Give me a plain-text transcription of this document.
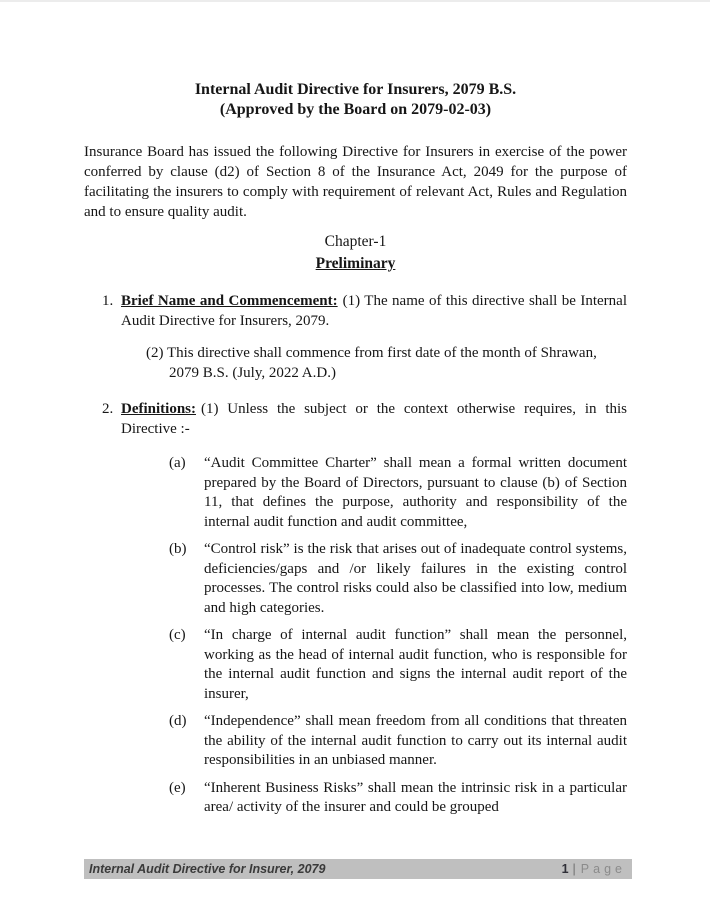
Internal Audit Directive for Insurers, 2079 B.S.
(Approved by the Board on 2079-02-03)

Insurance Board has issued the following Directive for Insurers in exercise of the power conferred by clause (d2) of Section 8 of the Insurance Act, 2049 for the purpose of facilitating the insurers to comply with requirement of relevant Act, Rules and Regulation and to ensure quality audit.

Chapter-1
Preliminary
1. Brief Name and Commencement: (1) The name of this directive shall be Internal Audit Directive for Insurers, 2079.

(2) This directive shall commence from first date of the month of Shrawan, 2079 B.S. (July, 2022 A.D.)

2. Definitions: (1) Unless the subject or the context otherwise requires, in this Directive :-
(a)	“Audit Committee Charter” shall mean a formal written document prepared by the Board of Directors, pursuant to clause (b) of Section 11, that defines the purpose, authority and responsibility of the internal audit function and audit committee,
(b)	“Control risk” is the risk that arises out of inadequate control systems, deficiencies/gaps and /or likely failures in the existing control processes. The control risks could also be classified into low, medium and high categories.
(c)	“In charge of internal audit function” shall mean the personnel, working as the head of internal audit function, who is responsible for the internal audit function and signs the internal audit report of the insurer,
(d)	“Independence” shall mean freedom from all conditions that threaten the ability of the internal audit function to carry out its internal audit responsibilities in an unbiased manner.
(e)	“Inherent Business Risks” shall mean the intrinsic risk in a particular area/ activity of the insurer and could be grouped
Internal Audit Directive for Insurer, 2079	1 | Page
